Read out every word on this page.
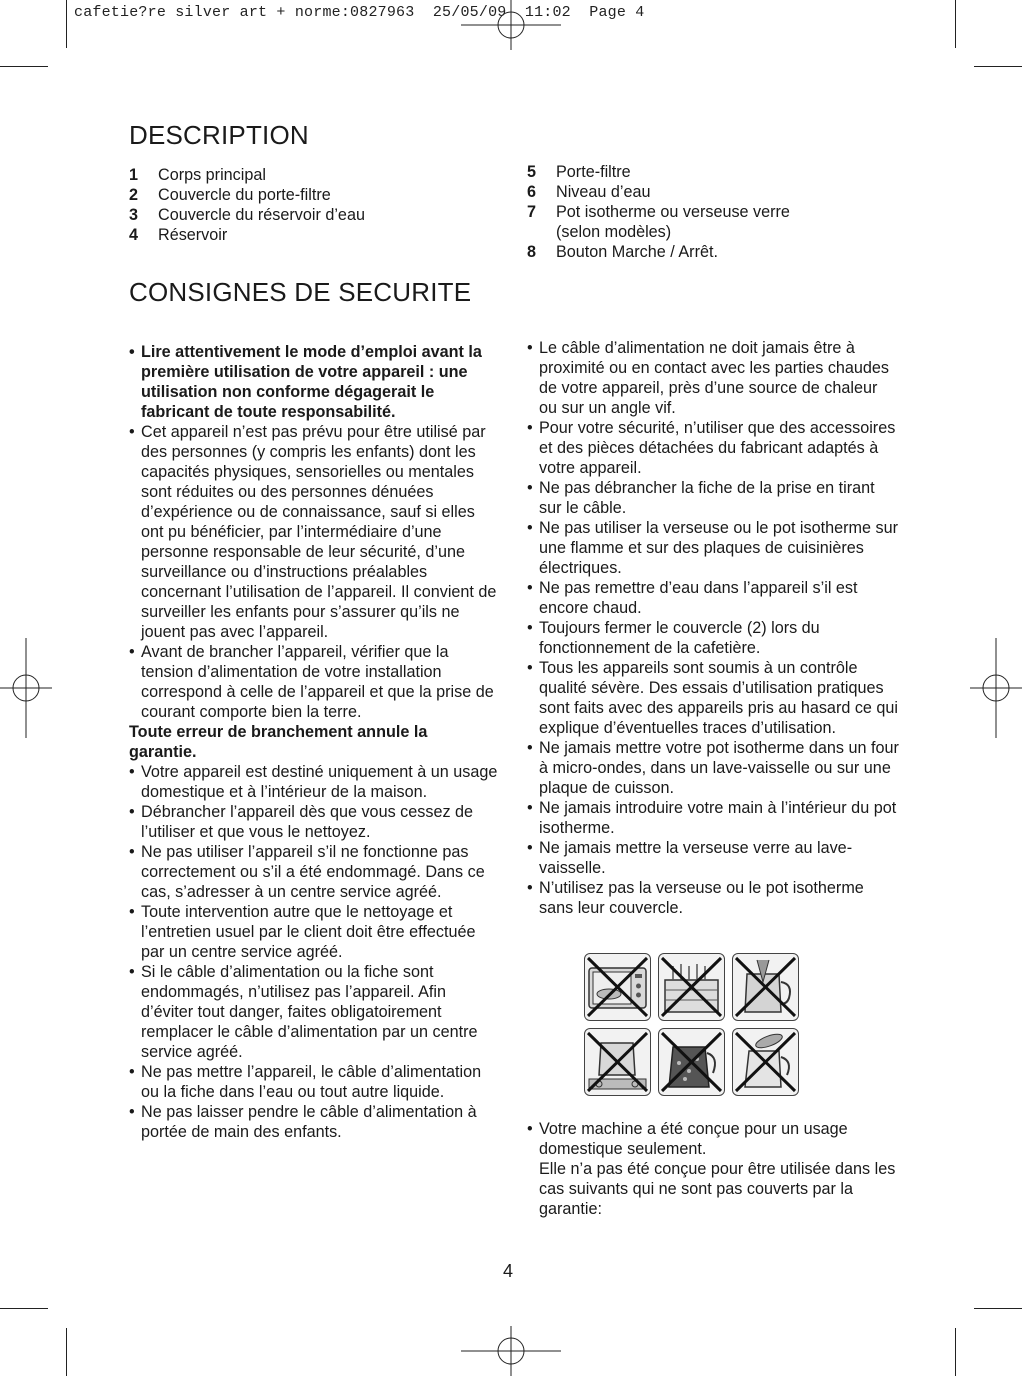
cafetie?re silver art + norme:0827963  25/05/09  11:02  Page 4
DESCRIPTION
1	Corps principal
2	Couvercle du porte-filtre
3	Couvercle du réservoir d’eau
4	Réservoir
5	Porte-filtre
6	Niveau d’eau
7	Pot isotherme ou verseuse verre
(selon modèles)
8	Bouton Marche / Arrêt.
CONSIGNES DE SECURITE
• Lire attentivement le mode d’emploi avant la première utilisation de votre appareil : une utilisation non conforme dégagerait le fabricant de toute responsabilité.
• Cet appareil n’est pas prévu pour être utilisé par des personnes (y compris les enfants) dont les capacités physiques, sensorielles ou mentales sont réduites ou des personnes dénuées d’expérience ou de connaissance, sauf si elles ont pu bénéficier, par l’intermédiaire d’une personne responsable de leur sécurité, d’une surveillance ou d’instructions préalables concernant l’utilisation de l’appareil. Il convient de surveiller les enfants pour s’assurer qu’ils ne jouent pas avec l’appareil.
• Avant de brancher l’appareil, vérifier que la tension d’alimentation de votre installation correspond à celle de l’appareil et que la prise de courant comporte bien la terre.

Toute erreur de branchement annule la garantie.

• Votre appareil est destiné uniquement à un usage domestique et à l’intérieur de la maison.
• Débrancher l’appareil dès que vous cessez de l’utiliser et que vous le nettoyez.
• Ne pas utiliser l’appareil s’il ne fonctionne pas correctement ou s’il a été endommagé. Dans ce cas, s’adresser à un centre service agréé.
• Toute intervention autre que le nettoyage et l’entretien usuel par le client doit être effectuée par un centre service agréé.
• Si le câble d’alimentation ou la fiche sont endommagés, n’utilisez pas l’appareil. Afin d’éviter tout danger, faites obligatoirement remplacer le câble d’alimentation par un centre service agréé.
• Ne pas mettre l’appareil, le câble d’alimentation ou la fiche dans l’eau ou tout autre liquide.
• Ne pas laisser pendre le câble d’alimentation à portée de main des enfants.
• Le câble d’alimentation ne doit jamais être à proximité ou en contact avec les parties chaudes de votre appareil, près d’une source de chaleur ou sur un angle vif.
• Pour votre sécurité, n’utiliser que des accessoires et des pièces détachées du fabricant adaptés à votre appareil.
• Ne pas débrancher la fiche de la prise en tirant sur le câble.
• Ne pas utiliser la verseuse ou le pot isotherme sur une flamme et sur des plaques de cuisinières électriques.
• Ne pas remettre d’eau dans l’appareil s’il est encore chaud.
• Toujours fermer le couvercle (2) lors du fonctionnement de la cafetière.
• Tous les appareils sont soumis à un contrôle qualité sévère. Des essais d’utilisation pratiques sont faits avec des appareils pris au hasard ce qui explique d’éventuelles traces d’utilisation.
• Ne jamais mettre votre pot isotherme dans un four à micro-ondes, dans un lave-vaisselle ou sur une plaque de cuisson.
• Ne jamais introduire votre main à l’intérieur du pot isotherme.
• Ne jamais mettre la verseuse verre au lave-vaisselle.
• N’utilisez pas la verseuse ou le pot isotherme sans leur couvercle.
• Votre machine a été conçue pour un usage domestique seulement.
Elle n’a pas été conçue pour être utilisée dans les cas suivants qui ne sont pas couverts par la garantie:
4
